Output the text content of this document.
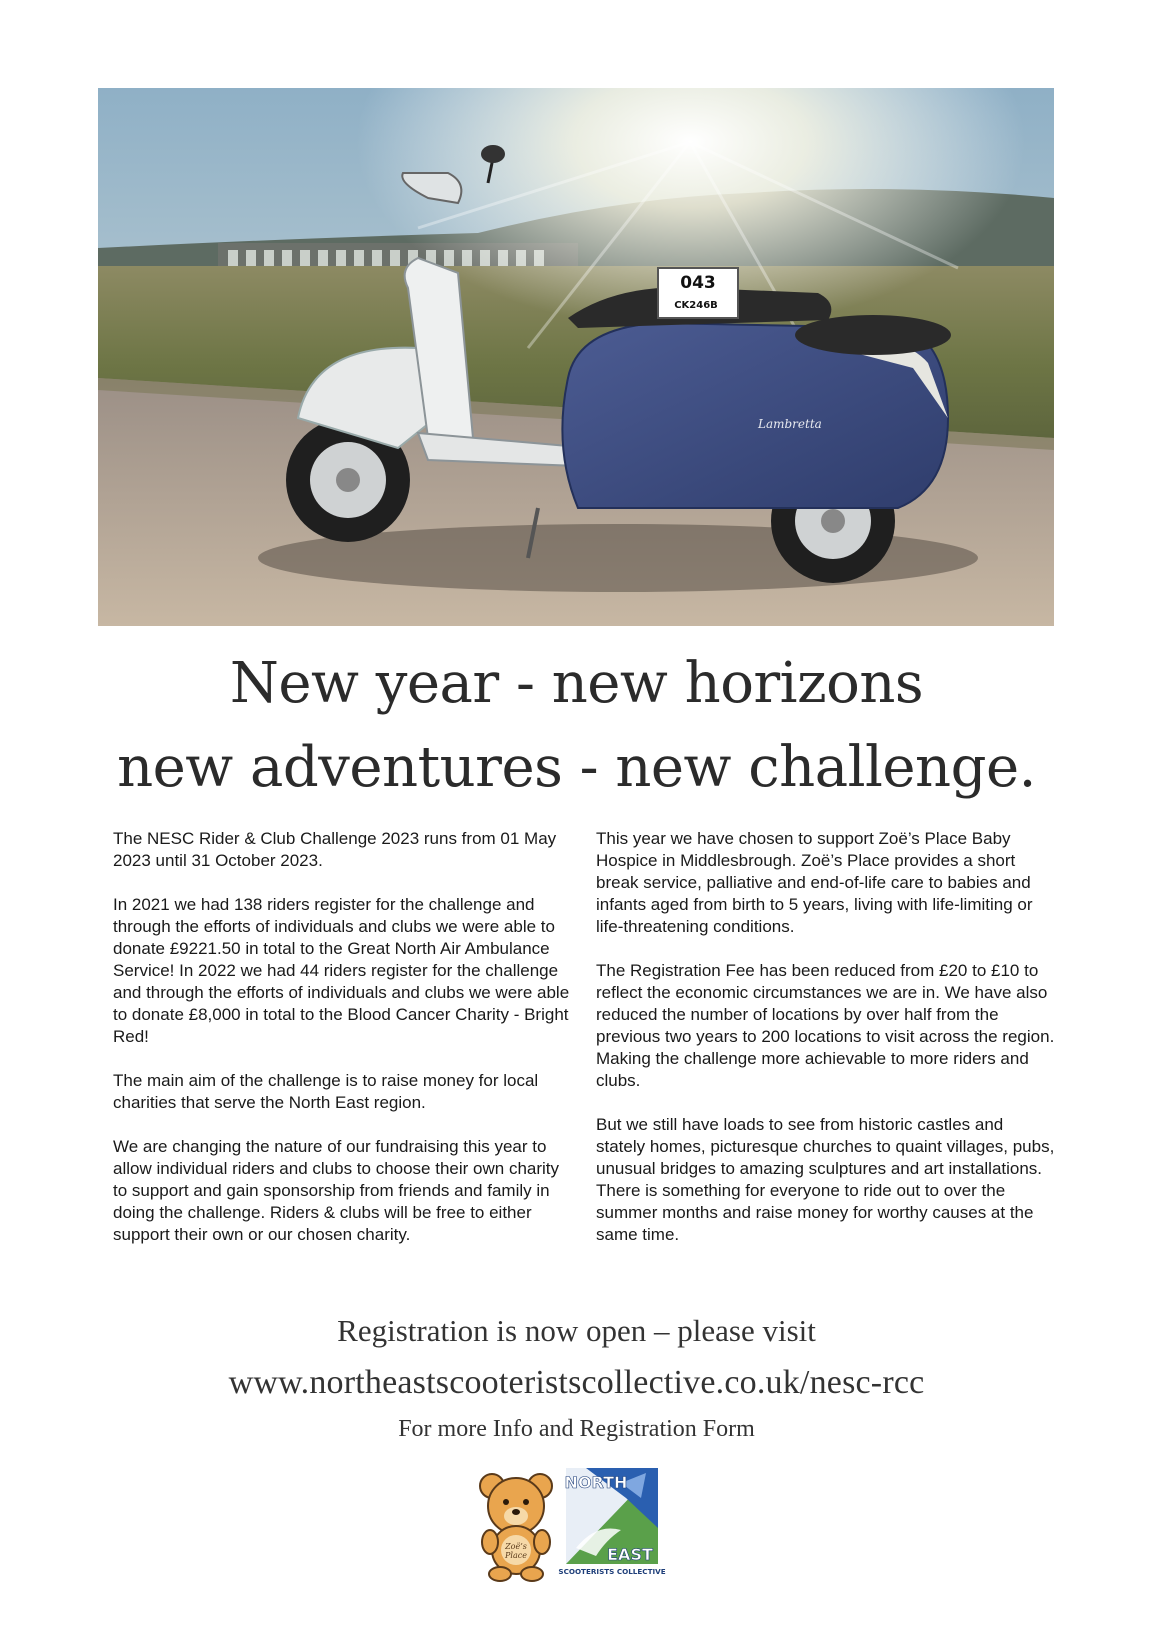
043
CK246B
Lambretta
New year - new horizons
new adventures - new challenge.

The NESC Rider & Club Challenge 2023 runs from 01 May 2023 until 31 October 2023.

In 2021 we had 138 riders register for the challenge and through the efforts of individuals and clubs we were able to donate £9221.50 in total to the Great North Air Ambulance Service! In 2022 we had 44 riders register for the challenge and through the efforts of individuals and clubs we were able to donate £8,000 in total to the Blood Cancer Charity - Bright Red!

The main aim of the challenge is to raise money for local charities that serve the North East region.

We are changing the nature of our fundraising this year to allow individual riders and clubs to choose their own charity to support and gain sponsorship from friends and family in doing the challenge. Riders & clubs will be free to either support their own or our chosen charity.

This year we have chosen to support Zoë’s Place Baby Hospice in Middlesbrough. Zoë’s Place provides a short break service, palliative and end-of-life care to babies and infants aged from birth to 5 years, living with life-limiting or life-threatening conditions.

The Registration Fee has been reduced from £20 to £10 to reflect the economic circumstances we are in. We have also reduced the number of locations by over half from the previous two years to 200 locations to visit across the region. Making the challenge more achievable to more riders and clubs.

But we still have loads to see from historic castles and stately homes, picturesque churches to quaint villages, pubs, unusual bridges to amazing sculptures and art installations. There is something for everyone to ride out to over the summer months and raise money for worthy causes at the same time.

Registration is now open – please visit
www.northeastscooteristscollective.co.uk/nesc-rcc
For more Info and Registration Form
Zoë’s
Place
NORTH
EAST
SCOOTERISTS COLLECTIVE
